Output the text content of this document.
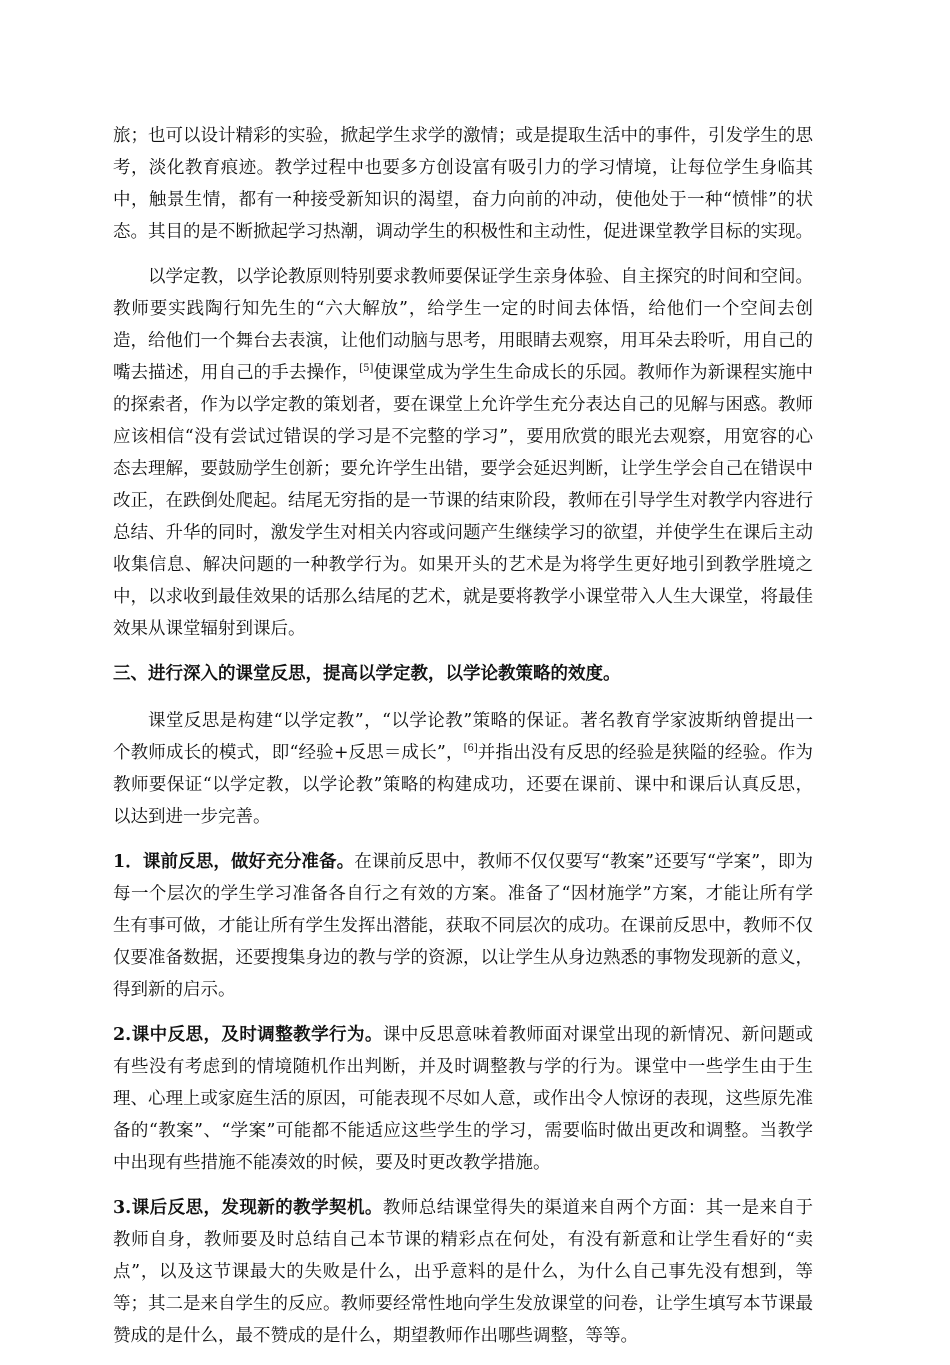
旅；也可以设计精彩的实验，掀起学生求学的激情；或是提取生活中的事件，引发学生的思考，淡化教育痕迹。教学过程中也要多方创设富有吸引力的学习情境，让每位学生身临其中，触景生情，都有一种接受新知识的渴望，奋力向前的冲动，使他处于一种“愤悱”的状态。其目的是不断掀起学习热潮，调动学生的积极性和主动性，促进课堂教学目标的实现。

以学定教，以学论教原则特别要求教师要保证学生亲身体验、自主探究的时间和空间。教师要实践陶行知先生的“六大解放”，给学生一定的时间去体悟，给他们一个空间去创造，给他们一个舞台去表演，让他们动脑与思考，用眼睛去观察，用耳朵去聆听，用自己的嘴去描述，用自己的手去操作，[5]使课堂成为学生生命成长的乐园。教师作为新课程实施中的探索者，作为以学定教的策划者，要在课堂上允许学生充分表达自己的见解与困惑。教师应该相信“没有尝试过错误的学习是不完整的学习”，要用欣赏的眼光去观察，用宽容的心态去理解，要鼓励学生创新；要允许学生出错，要学会延迟判断，让学生学会自己在错误中改正，在跌倒处爬起。结尾无穷指的是一节课的结束阶段，教师在引导学生对教学内容进行总结、升华的同时，激发学生对相关内容或问题产生继续学习的欲望，并使学生在课后主动收集信息、解决问题的一种教学行为。如果开头的艺术是为将学生更好地引到教学胜境之中，以求收到最佳效果的话那么结尾的艺术，就是要将教学小课堂带入人生大课堂，将最佳效果从课堂辐射到课后。

三、进行深入的课堂反思，提高以学定教，以学论教策略的效度。

课堂反思是构建“以学定教”，“以学论教”策略的保证。著名教育学家波斯纳曾提出一个教师成长的模式，即“经验+反思＝成长”，[6]并指出没有反思的经验是狭隘的经验。作为教师要保证“以学定教，以学论教”策略的构建成功，还要在课前、课中和课后认真反思，以达到进一步完善。

1．课前反思，做好充分准备。在课前反思中，教师不仅仅要写“教案”还要写“学案”，即为每一个层次的学生学习准备各自行之有效的方案。准备了“因材施学”方案，才能让所有学生有事可做，才能让所有学生发挥出潜能，获取不同层次的成功。在课前反思中，教师不仅仅要准备数据，还要搜集身边的教与学的资源，以让学生从身边熟悉的事物发现新的意义，得到新的启示。

2.课中反思，及时调整教学行为。课中反思意味着教师面对课堂出现的新情况、新问题或有些没有考虑到的情境随机作出判断，并及时调整教与学的行为。课堂中一些学生由于生理、心理上或家庭生活的原因，可能表现不尽如人意，或作出令人惊讶的表现，这些原先准备的“教案”、“学案”可能都不能适应这些学生的学习，需要临时做出更改和调整。当教学中出现有些措施不能凑效的时候，要及时更改教学措施。

3.课后反思，发现新的教学契机。教师总结课堂得失的渠道来自两个方面：其一是来自于教师自身，教师要及时总结自己本节课的精彩点在何处，有没有新意和让学生看好的“卖点”，以及这节课最大的失败是什么，出乎意料的是什么，为什么自己事先没有想到，等等；其二是来自学生的反应。教师要经常性地向学生发放课堂的问卷，让学生填写本节课最赞成的是什么，最不赞成的是什么，期望教师作出哪些调整，等等。
